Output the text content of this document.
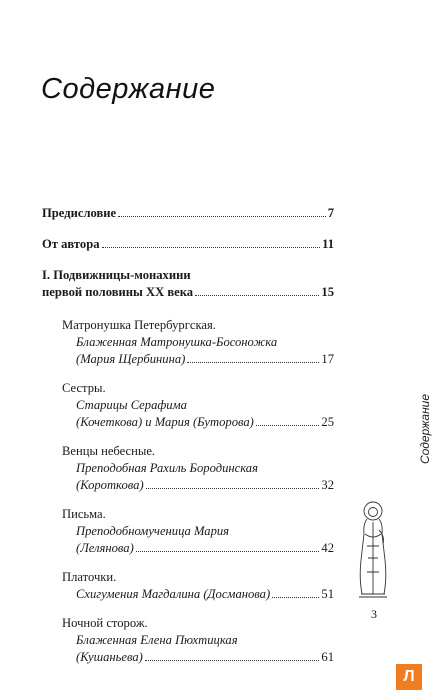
Содержание
Предисловие	7
От автора	11
I. Подвижницы-монахини
первой половины XX века	15
Матронушка Петербургская.
Блаженная Матронушка-Босоножка
(Мария Щербинина)	17
Сестры.
Старицы Серафима
(Кочеткова) и Мария (Буторова)	25
Венцы небесные.
Преподобная Рахиль Бородинская
(Короткова)	32
Письма.
Преподобномученица Мария
(Лелянова)	42
Платочки.
Схигумения Магдалина (Досманова)	51
Ночной сторож.
Блаженная Елена Пюхтицкая
(Кушаньева)	61
Содержание
3
Л
